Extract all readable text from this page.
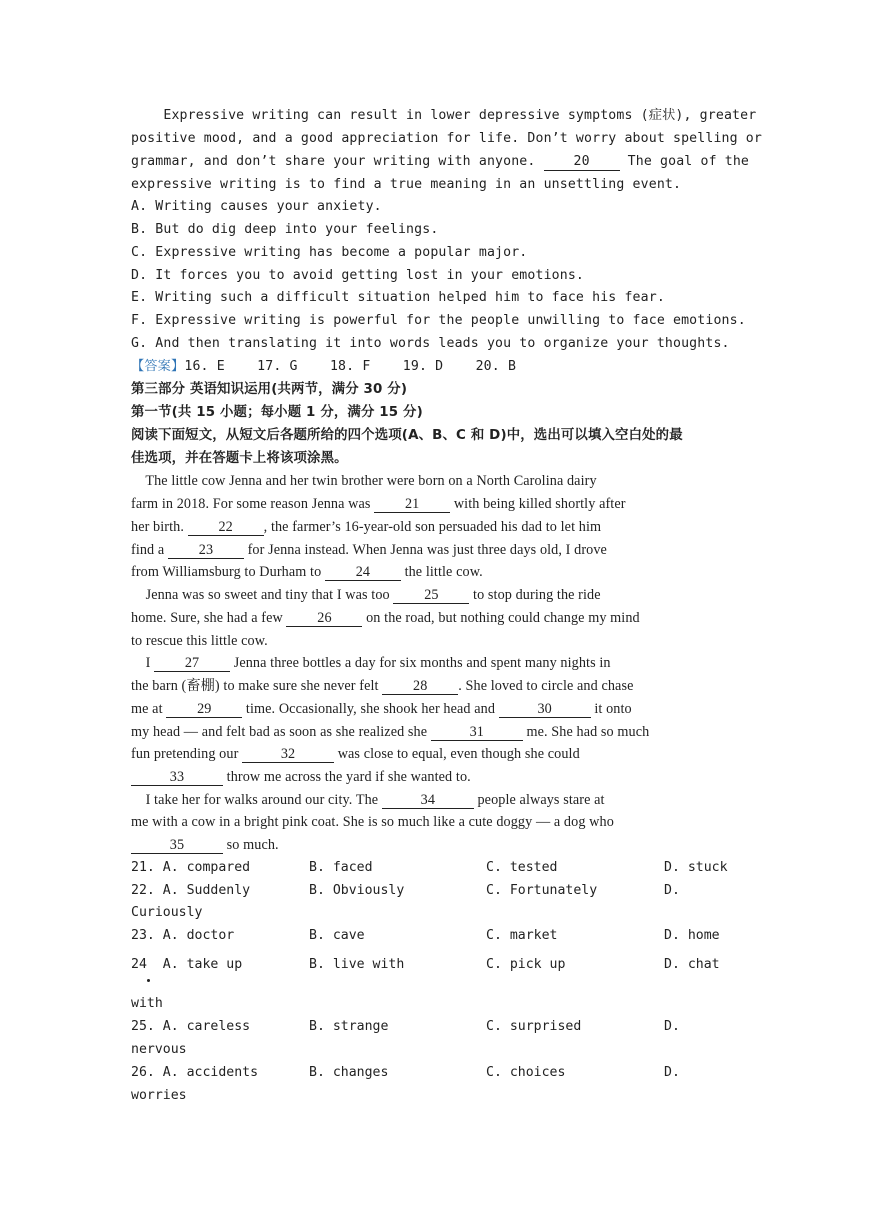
Expressive writing can result in lower depressive symptoms (症状), greater
positive mood, and a good appreciation for life. Don’t worry about spelling or
grammar, and don’t share your writing with anyone. 20 The goal of the
expressive writing is to find a true meaning in an unsettling event.
A. Writing causes your anxiety.
B. But do dig deep into your feelings.
C. Expressive writing has become a popular major.
D. It forces you to avoid getting lost in your emotions.
E. Writing such a difficult situation helped him to face his fear.
F. Expressive writing is powerful for the people unwilling to face emotions.
G. And then translating it into words leads you to organize your thoughts.
【答案】16. E    17. G    18. F    19. D    20. B
第三部分 英语知识运用(共两节，满分 30 分)
第一节(共 15 小题；每小题 1 分，满分 15 分)
阅读下面短文，从短文后各题所给的四个选项(A、B、C 和 D)中，选出可以填入空白处的最
佳选项，并在答题卡上将该项涂黑。
The little cow Jenna and her twin brother were born on a North Carolina dairy
farm in 2018. For some reason Jenna was 21 with being killed shortly after
her birth. 22 , the farmer’s 16-year-old son persuaded his dad to let him
find a 23 for Jenna instead. When Jenna was just three days old, I drove
from Williamsburg to Durham to 24 the little cow.
Jenna was so sweet and tiny that I was too 25 to stop during the ride
home. Sure, she had a few 26 on the road, but nothing could change my mind
to rescue this little cow.
I 27 Jenna three bottles a day for six months and spent many nights in
the barn (畜棚) to make sure she never felt 28 . She loved to circle and chase
me at 29 time. Occasionally, she shook her head and	30	it onto
my head — and felt bad as soon as she realized she	31	me. She had so much
fun pretending our	32	was close to equal, even though she could
33	throw me across the yard if she wanted to.
I take her for walks around our city. The	34	people always stare at
me with a cow in a bright pink coat. She is so much like a cute doggy — a dog who
35	so much.
21. A. compared	B. faced	C. tested	D. stuck
22. A. Suddenly	B. Obviously	C. Fortunately	D.
Curiously
23. A. doctor	B. cave	C. market	D. home
24  A. take up	B. live with	C. pick up	D. chat
with
25. A. careless	B. strange	C. surprised	D.
nervous
26. A. accidents	B. changes	C. choices	D.
worries
